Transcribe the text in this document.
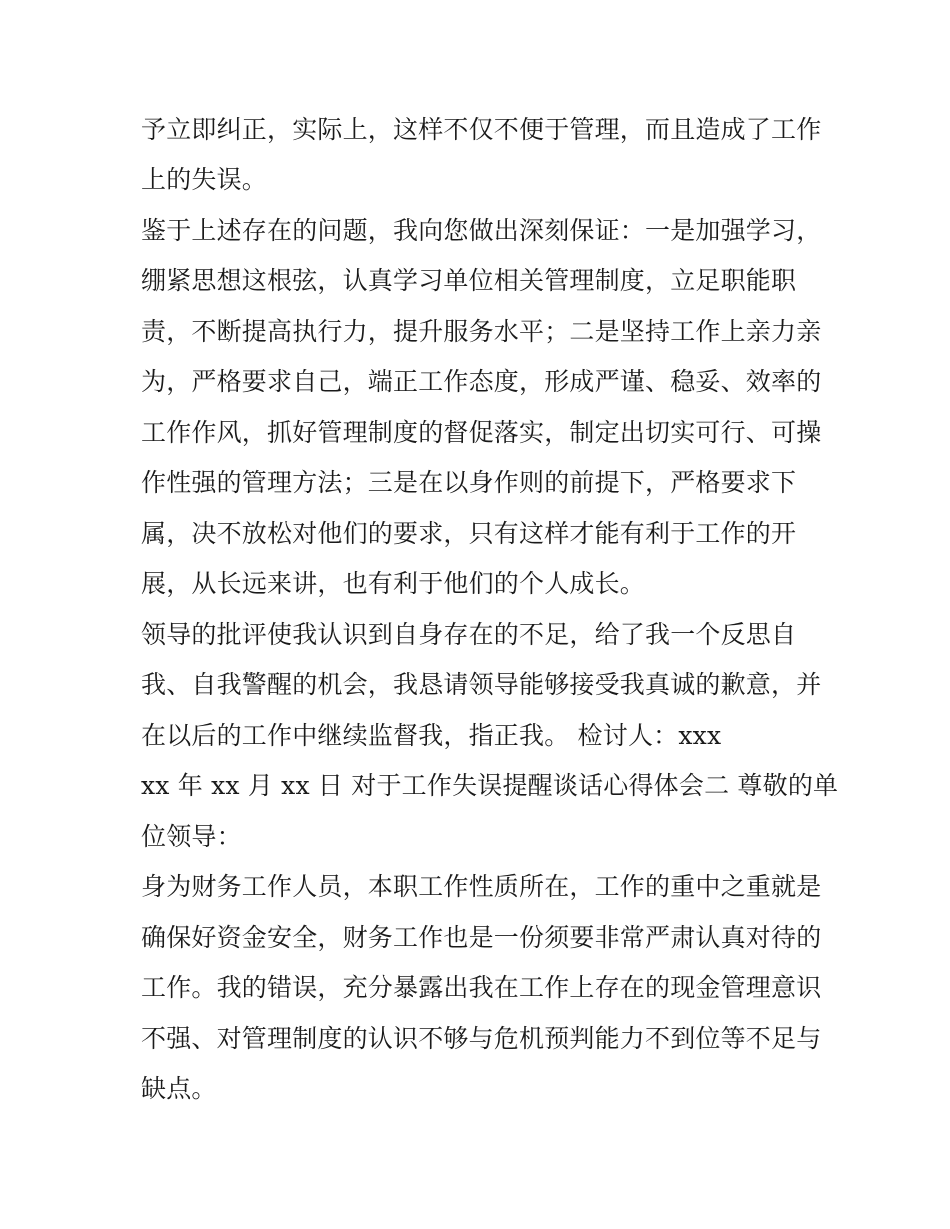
予立即纠正，实际上，这样不仅不便于管理，而且造成了工作
上的失误。
鉴于上述存在的问题，我向您做出深刻保证：一是加强学习，
绷紧思想这根弦，认真学习单位相关管理制度，立足职能职
责，不断提高执行力，提升服务水平；二是坚持工作上亲力亲
为，严格要求自己，端正工作态度，形成严谨、稳妥、效率的
工作作风，抓好管理制度的督促落实，制定出切实可行、可操
作性强的管理方法；三是在以身作则的前提下，严格要求下
属，决不放松对他们的要求，只有这样才能有利于工作的开
展，从长远来讲，也有利于他们的个人成长。
领导的批评使我认识到自身存在的不足，给了我一个反思自
我、自我警醒的机会，我恳请领导能够接受我真诚的歉意，并
在以后的工作中继续监督我，指正我。 检讨人：xxx
xx 年 xx 月 xx 日 对于工作失误提醒谈话心得体会二 尊敬的单
位领导：
身为财务工作人员，本职工作性质所在，工作的重中之重就是
确保好资金安全，财务工作也是一份须要非常严肃认真对待的
工作。我的错误，充分暴露出我在工作上存在的现金管理意识
不强、对管理制度的认识不够与危机预判能力不到位等不足与
缺点。
